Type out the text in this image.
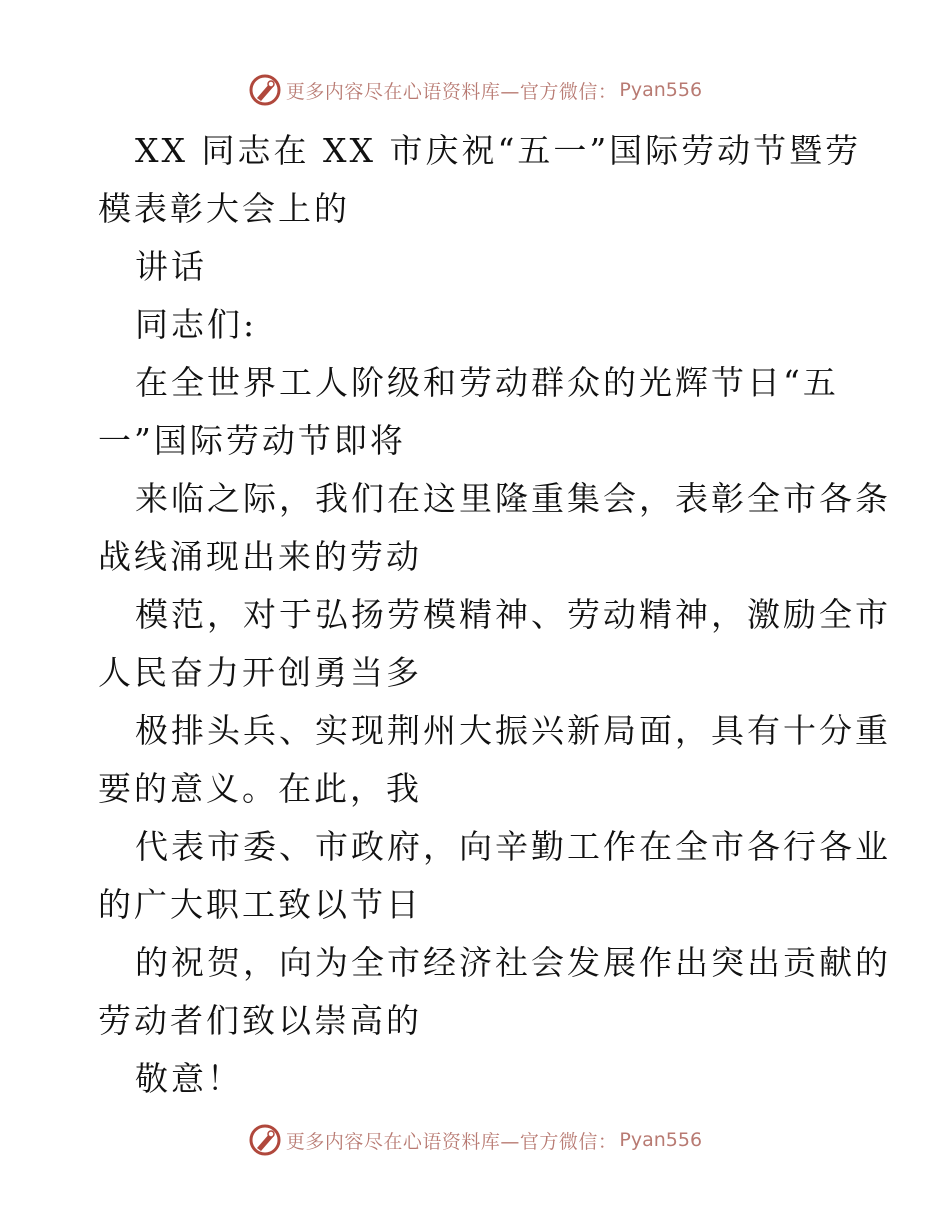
更多内容尽在心语资料库—官方微信： Pyan556
XX 同志在 XX 市庆祝“五一”国际劳动节暨劳
模表彰大会上的
讲话
同志们:
在全世界工人阶级和劳动群众的光辉节日“五
一”国际劳动节即将
来临之际，我们在这里隆重集会，表彰全市各条
战线涌现出来的劳动
模范，对于弘扬劳模精神、劳动精神，激励全市
人民奋力开创勇当多
极排头兵、实现荆州大振兴新局面，具有十分重
要的意义。在此，我
代表市委、市政府，向辛勤工作在全市各行各业
的广大职工致以节日
的祝贺，向为全市经济社会发展作出突出贡献的
劳动者们致以崇高的
敬意！
更多内容尽在心语资料库—官方微信： Pyan556
